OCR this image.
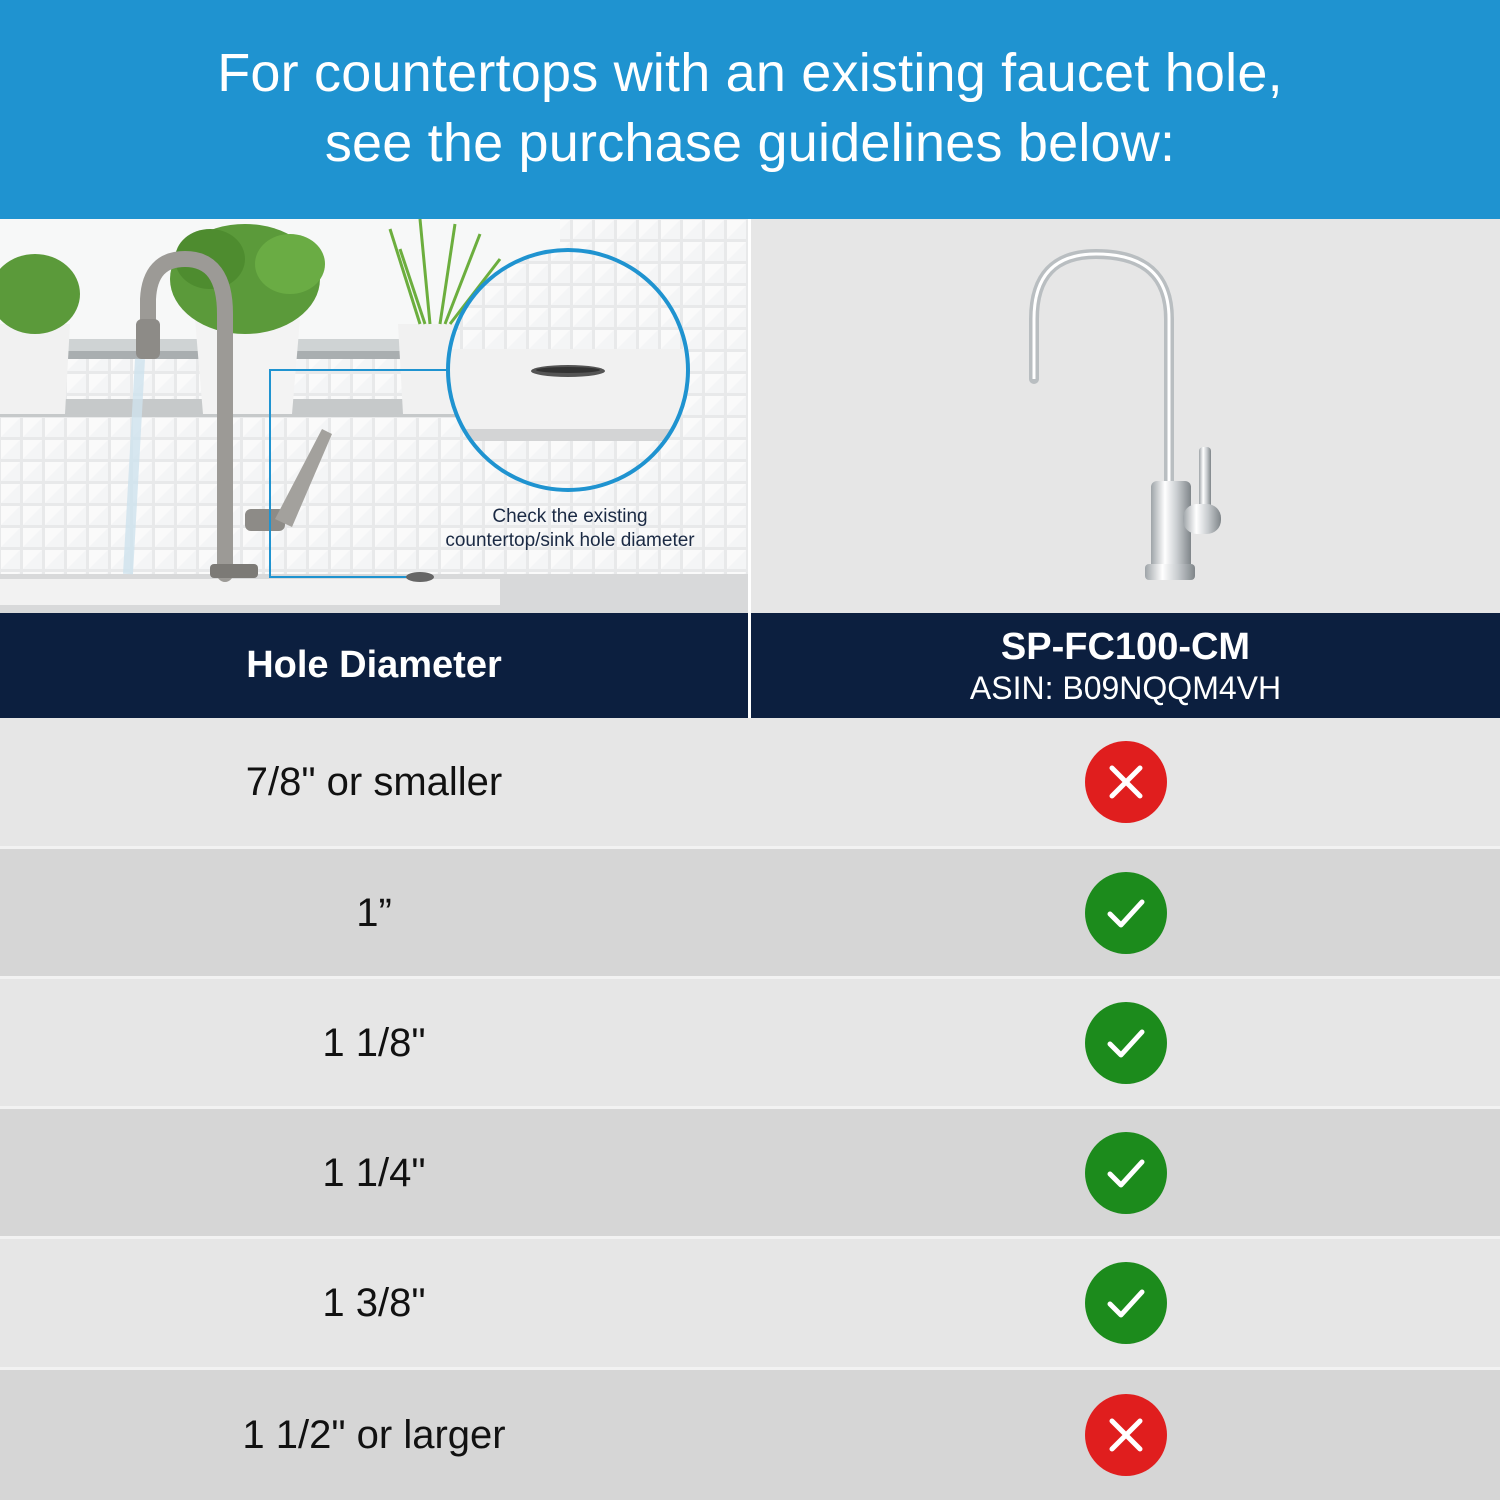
For countertops with an existing faucet hole,
see the purchase guidelines below:
Check the existing
countertop/sink hole diameter
Hole Diameter	SP-FC100-CM
ASIN: B09NQQM4VH
7/8" or smaller
1”
1 1/8"
1 1/4"
1 3/8"
1 1/2" or larger
